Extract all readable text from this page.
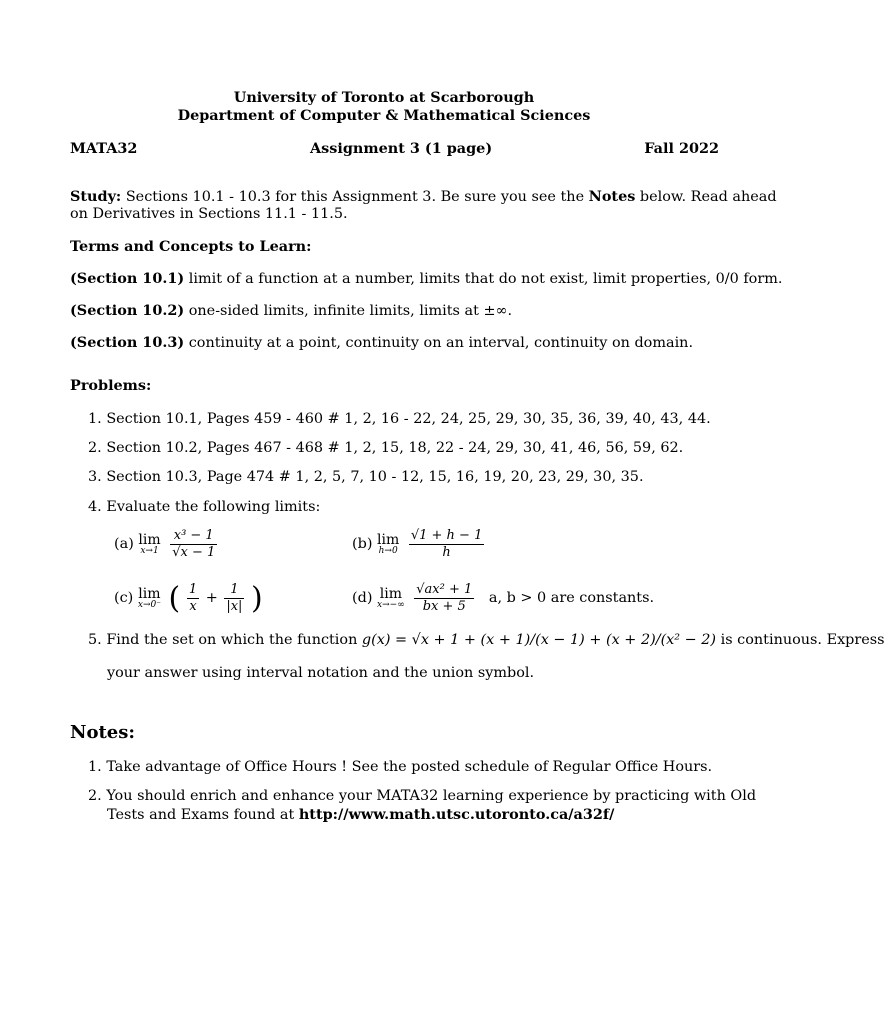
University of Toronto at Scarborough
Department of Computer & Mathematical Sciences
MATA32	Assignment 3 (1 page)	Fall 2022
Study: Sections 10.1 - 10.3 for this Assignment 3. Be sure you see the Notes below. Read ahead
on Derivatives in Sections 11.1 - 11.5.
Terms and Concepts to Learn:
(Section 10.1) limit of a function at a number, limits that do not exist, limit properties, 0/0 form.
(Section 10.2) one-sided limits, infinite limits, limits at ±∞.
(Section 10.3) continuity at a point, continuity on an interval, continuity on domain.
Problems:
1. Section 10.1, Pages 459 - 460 # 1, 2, 16 - 22, 24, 25, 29, 30, 35, 36, 39, 40, 43, 44.
2. Section 10.2, Pages 467 - 468 # 1, 2, 15, 18, 22 - 24, 29, 30, 41, 46, 56, 59, 62.
3. Section 10.3, Page 474 # 1, 2, 5, 7, 10 - 12, 15, 16, 19, 20, 23, 29, 30, 35.
4. Evaluate the following limits:
(a) lim
x→1
$\frac{\text{x³ − 1}}{√x - 1}$	(b) lim
h→0
$\frac{√1 + h - 1}{h}$
(c) lim
x→0⁻ ( $\frac{1}{x} + \frac{1}{|x|}$ )	(d) lim
x→−∞
$\frac{\text{√ax² + 1}}{bx + 5} a$, b > 0 are constants.
5. Find the set on which the function g(x) = √x + 1 + (x + 1)/(x − 1) + (x + 2)/(x² − 2) is continuous. Express
your answer using interval notation and the union symbol.
Notes:
1. Take advantage of Office Hours ! See the posted schedule of Regular Office Hours.
2. You should enrich and enhance your MATA32 learning experience by practicing with Old
Tests and Exams found at http://www.math.utsc.utoronto.ca/a32f/
